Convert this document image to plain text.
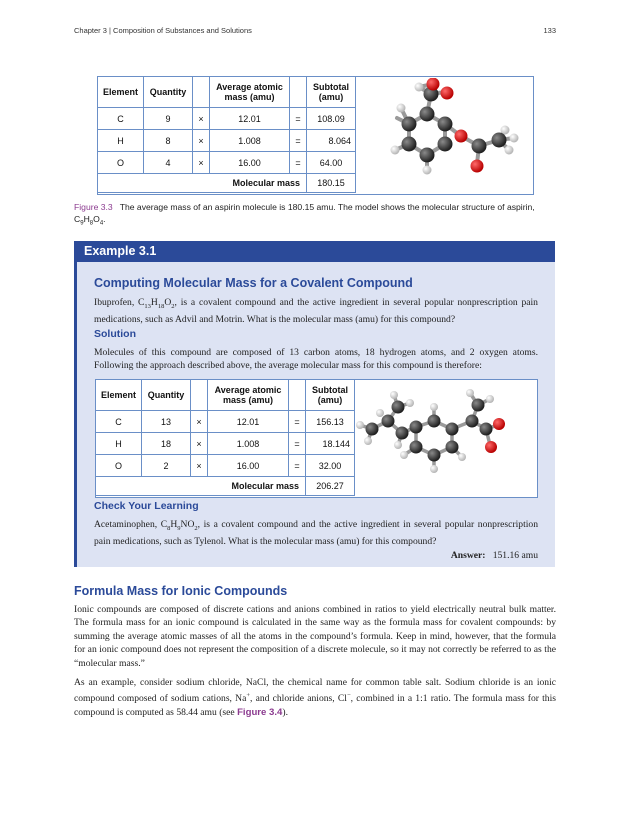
Chapter 3 | Composition of Substances and Solutions	133
Element	Quantity		Average atomic mass (amu)		Subtotal (amu)
C	9	×	12.01	=	108.09
H	8	×	1.008	=	8.064
O	4	×	16.00	=	64.00
Molecular mass					180.15
Figure 3.3 The average mass of an aspirin molecule is 180.15 amu. The model shows the molecular structure of aspirin, $C_9H_8O_4$.
Example 3.1
Computing Molecular Mass for a Covalent Compound
Ibuprofen, $C_{13}H_{18}O_2$, is a covalent compound and the active ingredient in several popular nonprescription pain medications, such as Advil and Motrin. What is the molecular mass (amu) for this compound?
Solution
Molecules of this compound are composed of 13 carbon atoms, 18 hydrogen atoms, and 2 oxygen atoms. Following the approach described above, the average molecular mass for this compound is therefore:
Element	Quantity		Average atomic mass (amu)		Subtotal (amu)
C	13	×	12.01	=	156.13
H	18	×	1.008	=	18.144
O	2	×	16.00	=	32.00
Molecular mass					206.27
Check Your Learning
Acetaminophen, $C_8H_9NO_2$, is a covalent compound and the active ingredient in several popular nonprescription pain medications, such as Tylenol. What is the molecular mass (amu) for this compound?
Answer: 151.16 amu
Formula Mass for Ionic Compounds
Ionic compounds are composed of discrete cations and anions combined in ratios to yield electrically neutral bulk matter. The formula mass for an ionic compound is calculated in the same way as the formula mass for covalent compounds: by summing the average atomic masses of all the atoms in the compound’s formula. Keep in mind, however, that the formula for an ionic compound does not represent the composition of a discrete molecule, so it may not correctly be referred to as the “molecular mass.”
As an example, consider sodium chloride, NaCl, the chemical name for common table salt. Sodium chloride is an ionic compound composed of sodium cations, Na+, and chloride anions, Cl−, combined in a 1:1 ratio. The formula mass for this compound is computed as 58.44 amu (see Figure 3.4).
